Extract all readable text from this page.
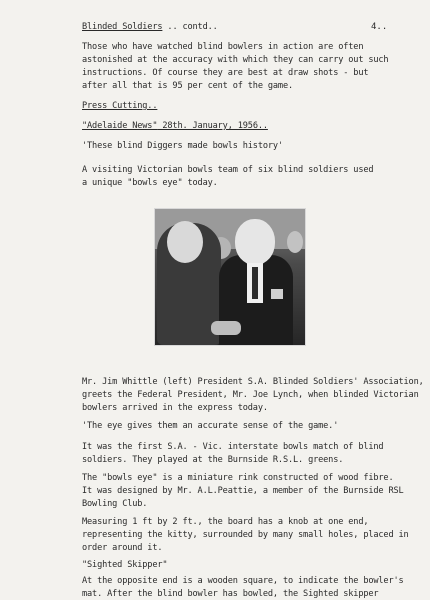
Blinded Soldiers .. contd..	4..
Those who have watched blind bowlers in action are often
astonished at the accuracy with which they can carry out such
instructions. Of course they are best at draw shots - but
after all that is 95 per cent of the game.
Press Cutting..
"Adelaide News" 28th. January, 1956..
'These blind Diggers made bowls history'
A visiting Victorian bowls team of six blind soldiers used
a unique "bowls eye" today.
Mr. Jim Whittle (left) President S.A. Blinded Soldiers' Association,
greets the Federal President, Mr. Joe Lynch, when blinded Victorian
bowlers arrived in the express today.
'The eye gives them an accurate sense of the game.'
It was the first S.A. - Vic. interstate bowls match of blind
soldiers. They played at the Burnside R.S.L. greens.
The "bowls eye" is a miniature rink constructed of wood fibre.
It was designed by Mr. A.L.Peattie, a member of the Burnside RSL
Bowling Club.
Measuring 1 ft by 2 ft., the board has a knob at one end,
representing the kitty, surrounded by many small holes, placed in
order around it.
"Sighted Skipper"
At the opposite end is a wooden square, to indicate the bowler's
mat. After the blind bowler has bowled, the Sighted skipper
